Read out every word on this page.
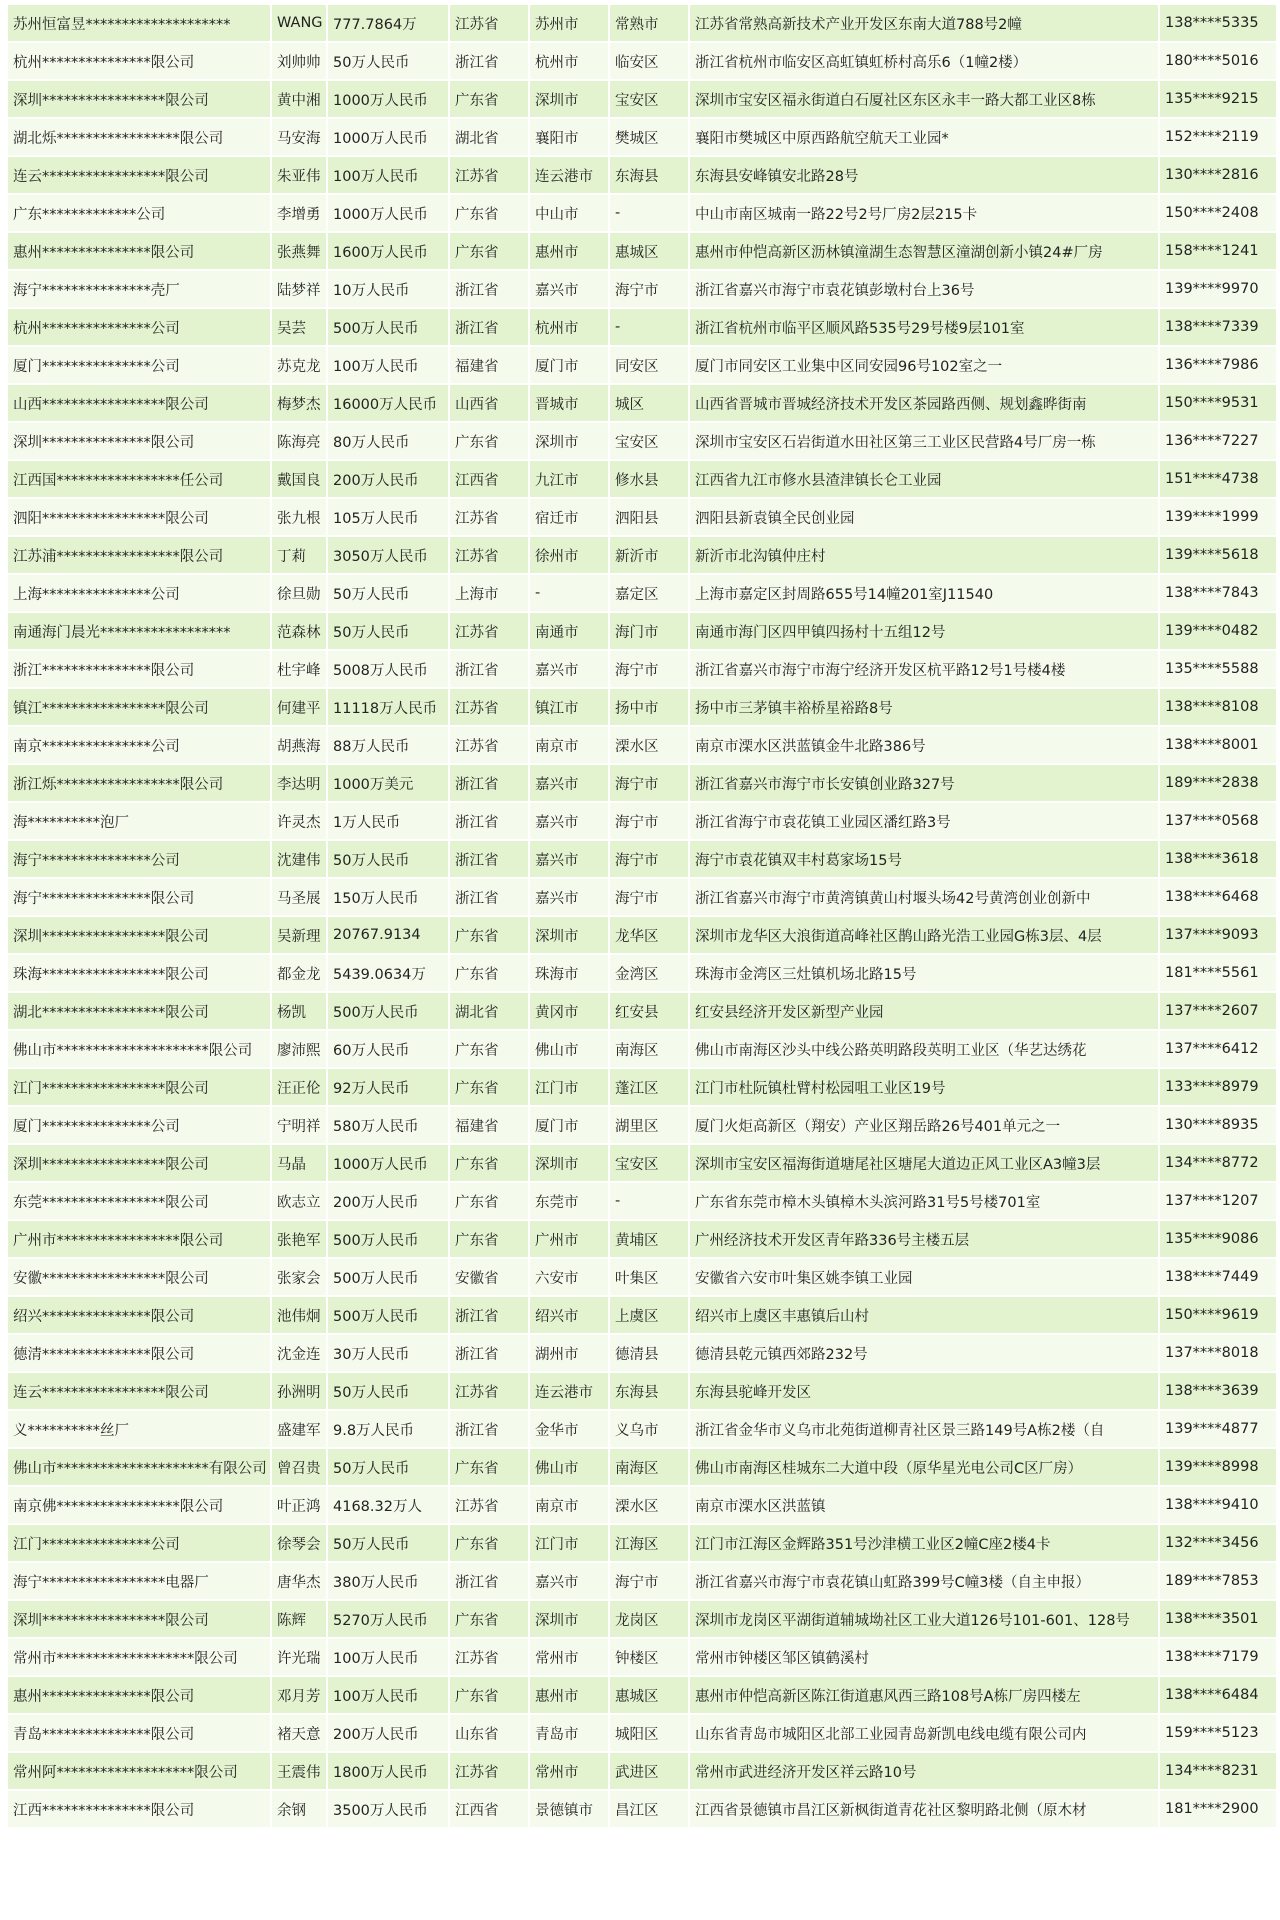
苏州恒富昱********************	WANG	777.7864万	江苏省	苏州市	常熟市	江苏省常熟高新技术产业开发区东南大道788号2幢	138****5335
杭州***************限公司	刘帅帅	50万人民币	浙江省	杭州市	临安区	浙江省杭州市临安区高虹镇虹桥村高乐6（1幢2楼）	180****5016
深圳*****************限公司	黄中湘	1000万人民币	广东省	深圳市	宝安区	深圳市宝安区福永街道白石厦社区东区永丰一路大都工业区8栋	135****9215
湖北烁*****************限公司	马安海	1000万人民币	湖北省	襄阳市	樊城区	襄阳市樊城区中原西路航空航天工业园*	152****2119
连云*****************限公司	朱亚伟	100万人民币	江苏省	连云港市	东海县	东海县安峰镇安北路28号	130****2816
广东*************公司	李增勇	1000万人民币	广东省	中山市	-	中山市南区城南一路22号2号厂房2层215卡	150****2408
惠州***************限公司	张燕舞	1600万人民币	广东省	惠州市	惠城区	惠州市仲恺高新区沥林镇潼湖生态智慧区潼湖创新小镇24#厂房	158****1241
海宁***************壳厂	陆梦祥	10万人民币	浙江省	嘉兴市	海宁市	浙江省嘉兴市海宁市袁花镇彭墩村台上36号	139****9970
杭州***************公司	吴芸	500万人民币	浙江省	杭州市	-	浙江省杭州市临平区顺风路535号29号楼9层101室	138****7339
厦门***************公司	苏克龙	100万人民币	福建省	厦门市	同安区	厦门市同安区工业集中区同安园96号102室之一	136****7986
山西*****************限公司	梅梦杰	16000万人民币	山西省	晋城市	城区	山西省晋城市晋城经济技术开发区茶园路西侧、规划鑫晔街南	150****9531
深圳***************限公司	陈海亮	80万人民币	广东省	深圳市	宝安区	深圳市宝安区石岩街道水田社区第三工业区民营路4号厂房一栋	136****7227
江西国*****************任公司	戴国良	200万人民币	江西省	九江市	修水县	江西省九江市修水县渣津镇长仑工业园	151****4738
泗阳*****************限公司	张九根	105万人民币	江苏省	宿迁市	泗阳县	泗阳县新袁镇全民创业园	139****1999
江苏浦*****************限公司	丁莉	3050万人民币	江苏省	徐州市	新沂市	新沂市北沟镇仲庄村	139****5618
上海***************公司	徐旦勋	50万人民币	上海市	-	嘉定区	上海市嘉定区封周路655号14幢201室J11540	138****7843
南通海门晨光******************	范森林	50万人民币	江苏省	南通市	海门市	南通市海门区四甲镇四扬村十五组12号	139****0482
浙江***************限公司	杜宇峰	5008万人民币	浙江省	嘉兴市	海宁市	浙江省嘉兴市海宁市海宁经济开发区杭平路12号1号楼4楼	135****5588
镇江*****************限公司	何建平	11118万人民币	江苏省	镇江市	扬中市	扬中市三茅镇丰裕桥星裕路8号	138****8108
南京***************公司	胡燕海	88万人民币	江苏省	南京市	溧水区	南京市溧水区洪蓝镇金牛北路386号	138****8001
浙江烁*****************限公司	李达明	1000万美元	浙江省	嘉兴市	海宁市	浙江省嘉兴市海宁市长安镇创业路327号	189****2838
海**********泡厂	许灵杰	1万人民币	浙江省	嘉兴市	海宁市	浙江省海宁市袁花镇工业园区潘红路3号	137****0568
海宁***************公司	沈建伟	50万人民币	浙江省	嘉兴市	海宁市	海宁市袁花镇双丰村葛家场15号	138****3618
海宁***************限公司	马圣展	150万人民币	浙江省	嘉兴市	海宁市	浙江省嘉兴市海宁市黄湾镇黄山村堰头场42号黄湾创业创新中	138****6468
深圳*****************限公司	吴新理	20767.9134	广东省	深圳市	龙华区	深圳市龙华区大浪街道高峰社区鹊山路光浩工业园G栋3层、4层	137****9093
珠海*****************限公司	都金龙	5439.0634万	广东省	珠海市	金湾区	珠海市金湾区三灶镇机场北路15号	181****5561
湖北*****************限公司	杨凯	500万人民币	湖北省	黄冈市	红安县	红安县经济开发区新型产业园	137****2607
佛山市*********************限公司	廖沛熙	60万人民币	广东省	佛山市	南海区	佛山市南海区沙头中线公路英明路段英明工业区（华艺达绣花	137****6412
江门*****************限公司	汪正伦	92万人民币	广东省	江门市	蓬江区	江门市杜阮镇杜臂村松园咀工业区19号	133****8979
厦门***************公司	宁明祥	580万人民币	福建省	厦门市	湖里区	厦门火炬高新区（翔安）产业区翔岳路26号401单元之一	130****8935
深圳*****************限公司	马晶	1000万人民币	广东省	深圳市	宝安区	深圳市宝安区福海街道塘尾社区塘尾大道边正风工业区A3幢3层	134****8772
东莞*****************限公司	欧志立	200万人民币	广东省	东莞市	-	广东省东莞市樟木头镇樟木头滨河路31号5号楼701室	137****1207
广州市*****************限公司	张艳军	500万人民币	广东省	广州市	黄埔区	广州经济技术开发区青年路336号主楼五层	135****9086
安徽*****************限公司	张家会	500万人民币	安徽省	六安市	叶集区	安徽省六安市叶集区姚李镇工业园	138****7449
绍兴***************限公司	池伟炯	500万人民币	浙江省	绍兴市	上虞区	绍兴市上虞区丰惠镇后山村	150****9619
德清***************限公司	沈金连	30万人民币	浙江省	湖州市	德清县	德清县乾元镇西郊路232号	137****8018
连云*****************限公司	孙洲明	50万人民币	江苏省	连云港市	东海县	东海县驼峰开发区	138****3639
义**********丝厂	盛建军	9.8万人民币	浙江省	金华市	义乌市	浙江省金华市义乌市北苑街道柳青社区景三路149号A栋2楼（自	139****4877
佛山市*********************有限公司	曾召贵	50万人民币	广东省	佛山市	南海区	佛山市南海区桂城东二大道中段（原华星光电公司C区厂房）	139****8998
南京佛*****************限公司	叶正鸿	4168.32万人	江苏省	南京市	溧水区	南京市溧水区洪蓝镇	138****9410
江门***************公司	徐琴会	50万人民币	广东省	江门市	江海区	江门市江海区金辉路351号沙津横工业区2幢C座2楼4卡	132****3456
海宁*****************电器厂	唐华杰	380万人民币	浙江省	嘉兴市	海宁市	浙江省嘉兴市海宁市袁花镇山虹路399号C幢3楼（自主申报）	189****7853
深圳*****************限公司	陈辉	5270万人民币	广东省	深圳市	龙岗区	深圳市龙岗区平湖街道辅城坳社区工业大道126号101-601、128号	138****3501
常州市*******************限公司	许光瑞	100万人民币	江苏省	常州市	钟楼区	常州市钟楼区邹区镇鹤溪村	138****7179
惠州***************限公司	邓月芳	100万人民币	广东省	惠州市	惠城区	惠州市仲恺高新区陈江街道惠风西三路108号A栋厂房四楼左	138****6484
青岛***************限公司	褚天意	200万人民币	山东省	青岛市	城阳区	山东省青岛市城阳区北部工业园青岛新凯电线电缆有限公司内	159****5123
常州阿*******************限公司	王震伟	1800万人民币	江苏省	常州市	武进区	常州市武进经济开发区祥云路10号	134****8231
江西***************限公司	余钢	3500万人民币	江西省	景德镇市	昌江区	江西省景德镇市昌江区新枫街道青花社区黎明路北侧（原木材	181****2900
